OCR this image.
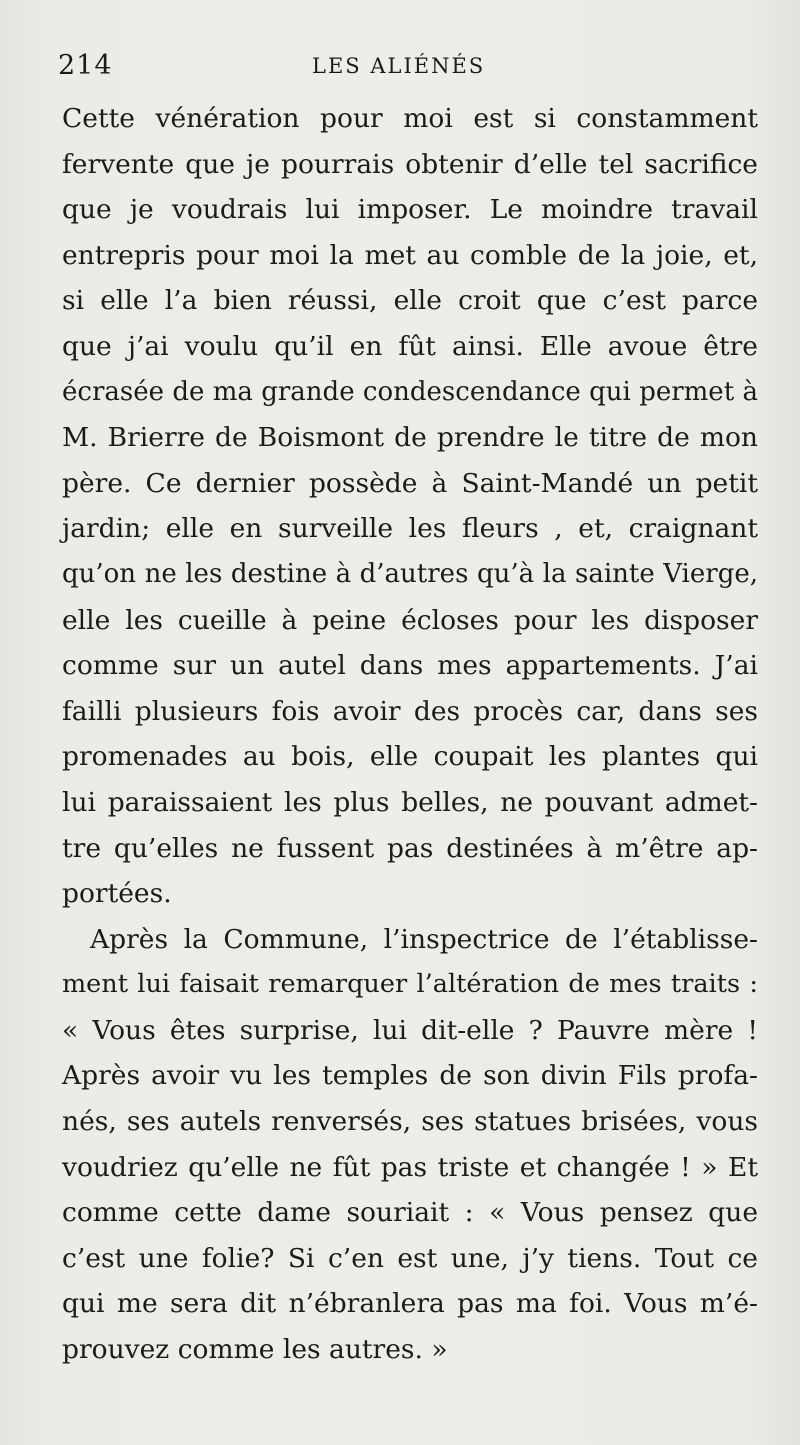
214	LES ALIÉNÉS
Cette vénération pour moi est si constamment
fervente que je pourrais obtenir d’elle tel sacrifice
que je voudrais lui imposer. Le moindre travail
entrepris pour moi la met au comble de la joie, et,
si elle l’a bien réussi, elle croit que c’est parce
que j’ai voulu qu’il en fût ainsi. Elle avoue être
écrasée de ma grande condescendance qui permet à
M. Brierre de Boismont de prendre le titre de mon
père. Ce dernier possède à Saint-Mandé un petit
jardin; elle en surveille les fleurs , et, craignant
qu’on ne les destine à d’autres qu’à la sainte Vierge,
elle les cueille à peine écloses pour les disposer
comme sur un autel dans mes appartements. J’ai
failli plusieurs fois avoir des procès car, dans ses
promenades au bois, elle coupait les plantes qui
lui paraissaient les plus belles, ne pouvant admet-
tre qu’elles ne fussent pas destinées à m’être ap-
portées.
Après la Commune, l’inspectrice de l’établisse-
ment lui faisait remarquer l’altération de mes traits :
« Vous êtes surprise, lui dit-elle ? Pauvre mère !
Après avoir vu les temples de son divin Fils profa-
nés, ses autels renversés, ses statues brisées, vous
voudriez qu’elle ne fût pas triste et changée ! » Et
comme cette dame souriait : « Vous pensez que
c’est une folie? Si c’en est une, j’y tiens. Tout ce
qui me sera dit n’ébranlera pas ma foi. Vous m’é-
prouvez comme les autres. »
